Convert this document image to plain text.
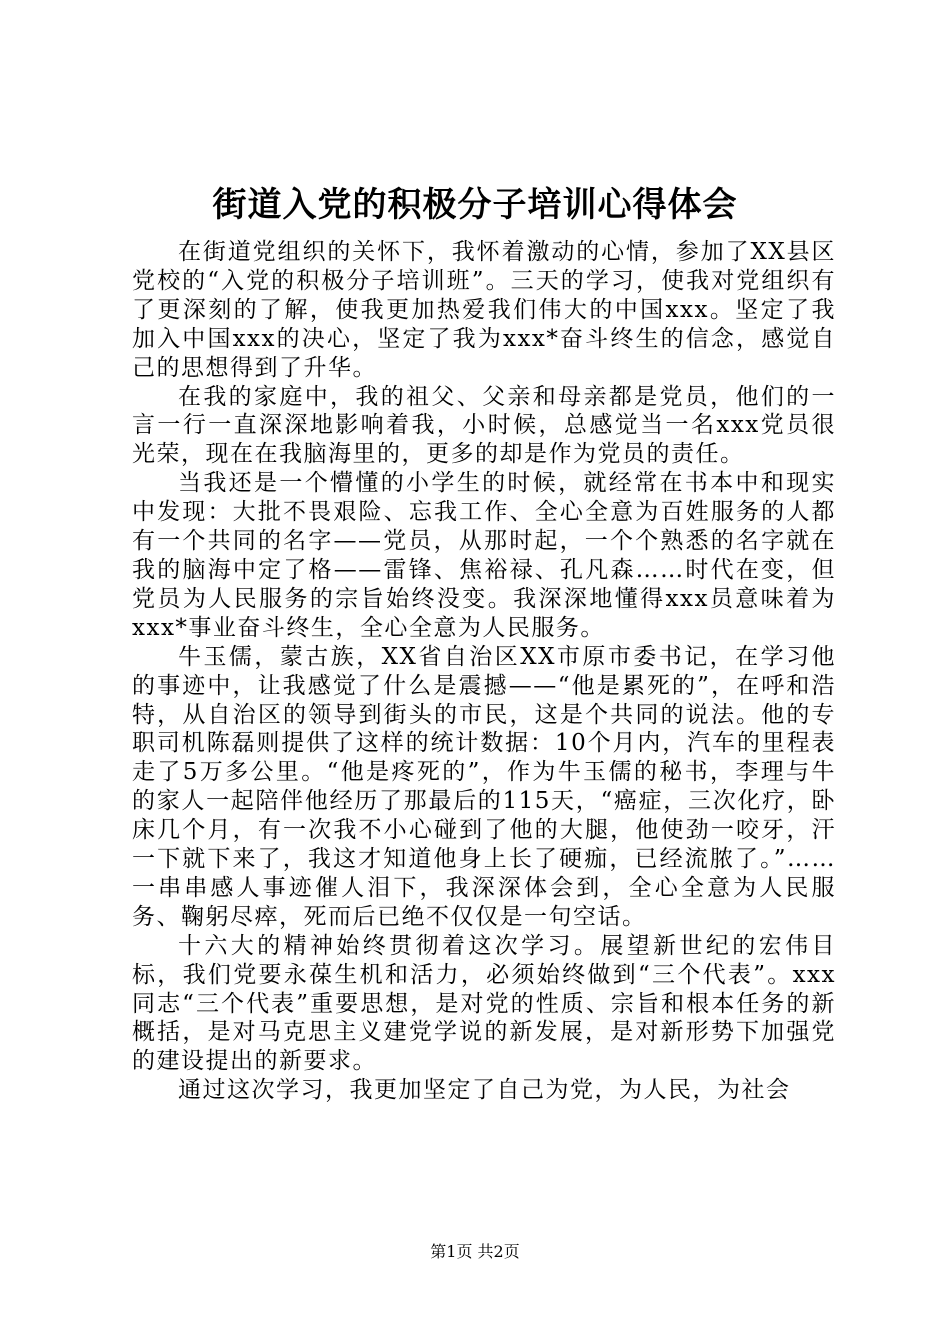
街道入党的积极分子培训心得体会

在街道党组织的关怀下，我怀着激动的心情，参加了XX县区党校的“入党的积极分子培训班”。三天的学习，使我对党组织有了更深刻的了解，使我更加热爱我们伟大的中国xxx。坚定了我加入中国xxx的决心，坚定了我为xxx*奋斗终生的信念，感觉自己的思想得到了升华。

在我的家庭中，我的祖父、父亲和母亲都是党员，他们的一言一行一直深深地影响着我，小时候，总感觉当一名xxx党员很光荣，现在在我脑海里的，更多的却是作为党员的责任。

当我还是一个懵懂的小学生的时候，就经常在书本中和现实中发现：大批不畏艰险、忘我工作、全心全意为百姓服务的人都有一个共同的名字——党员，从那时起，一个个熟悉的名字就在我的脑海中定了格——雷锋、焦裕禄、孔凡森……时代在变，但党员为人民服务的宗旨始终没变。我深深地懂得xxx员意味着为xxx*事业奋斗终生，全心全意为人民服务。

牛玉儒，蒙古族，XX省自治区XX市原市委书记，在学习他的事迹中，让我感觉了什么是震撼——“他是累死的”，在呼和浩特，从自治区的领导到街头的市民，这是个共同的说法。他的专职司机陈磊则提供了这样的统计数据：10个月内，汽车的里程表走了5万多公里。“他是疼死的”，作为牛玉儒的秘书，李理与牛的家人一起陪伴他经历了那最后的115天，“癌症，三次化疗，卧床几个月，有一次我不小心碰到了他的大腿，他使劲一咬牙，汗一下就下来了，我这才知道他身上长了硬痂，已经流脓了。”……一串串感人事迹催人泪下，我深深体会到，全心全意为人民服务、鞠躬尽瘁，死而后已绝不仅仅是一句空话。

十六大的精神始终贯彻着这次学习。展望新世纪的宏伟目标，我们党要永葆生机和活力，必须始终做到“三个代表”。xxx同志“三个代表”重要思想，是对党的性质、宗旨和根本任务的新概括，是对马克思主义建党学说的新发展，是对新形势下加强党的建设提出的新要求。

通过这次学习，我更加坚定了自己为党，为人民，为社会

第1页 共2页
